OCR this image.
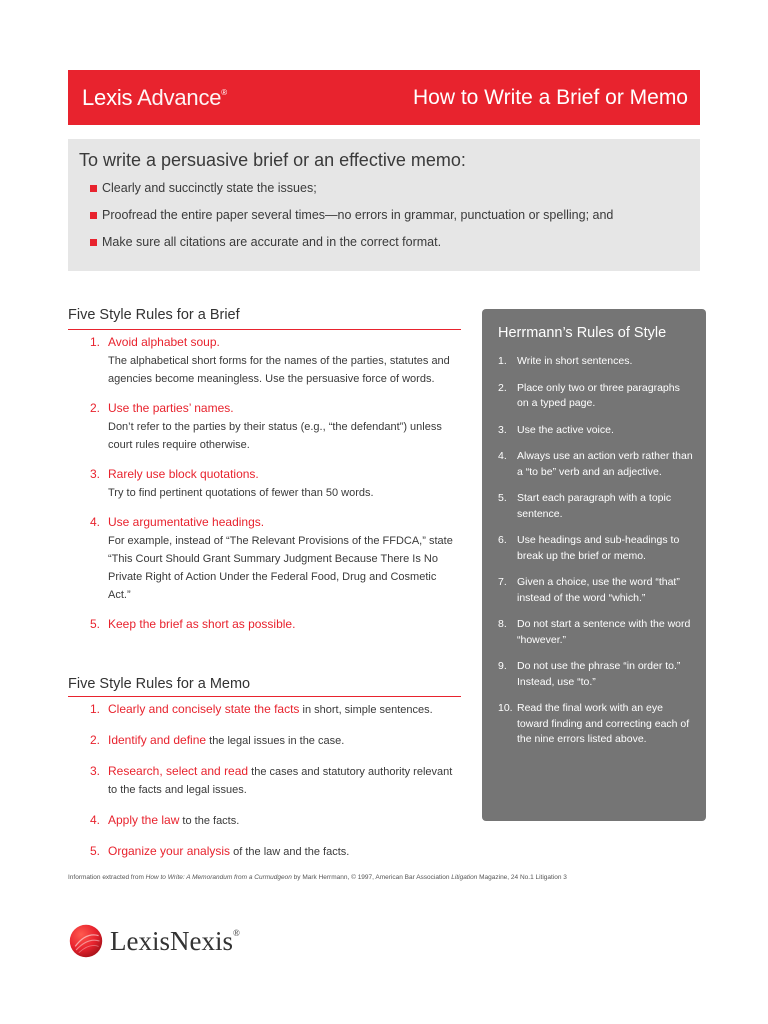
Lexis Advance®	How to Write a Brief or Memo
To write a persuasive brief or an effective memo:
Clearly and succinctly state the issues;
Proofread the entire paper several times—no errors in grammar, punctuation or spelling; and
Make sure all citations are accurate and in the correct format.
Five Style Rules for a Brief
1. Avoid alphabet soup.
The alphabetical short forms for the names of the parties, statutes and agencies become meaningless. Use the persuasive force of words.
2. Use the parties’ names.
Don’t refer to the parties by their status (e.g., “the defendant”) unless court rules require otherwise.
3. Rarely use block quotations.
Try to find pertinent quotations of fewer than 50 words.
4. Use argumentative headings.
For example, instead of “The Relevant Provisions of the FFDCA,” state “This Court Should Grant Summary Judgment Because There Is No Private Right of Action Under the Federal Food, Drug and Cosmetic Act.”
5. Keep the brief as short as possible.
Five Style Rules for a Memo
1. Clearly and concisely state the facts in short, simple sentences.
2. Identify and define the legal issues in the case.
3. Research, select and read the cases and statutory authority relevant to the facts and legal issues.
4. Apply the law to the facts.
5. Organize your analysis of the law and the facts.
Herrmann’s Rules of Style
1. Write in short sentences.
2. Place only two or three paragraphs on a typed page.
3. Use the active voice.
4. Always use an action verb rather than a “to be” verb and an adjective.
5. Start each paragraph with a topic sentence.
6. Use headings and sub-headings to break up the brief or memo.
7. Given a choice, use the word “that” instead of the word “which.”
8. Do not start a sentence with the word “however.”
9. Do not use the phrase “in order to.” Instead, use “to.”
10. Read the final work with an eye toward finding and correcting each of the nine errors listed above.
Information extracted from How to Write: A Memorandum from a Curmudgeon by Mark Herrmann, © 1997, American Bar Association Litigation Magazine, 24 No.1 Litigation 3
LexisNexis®
